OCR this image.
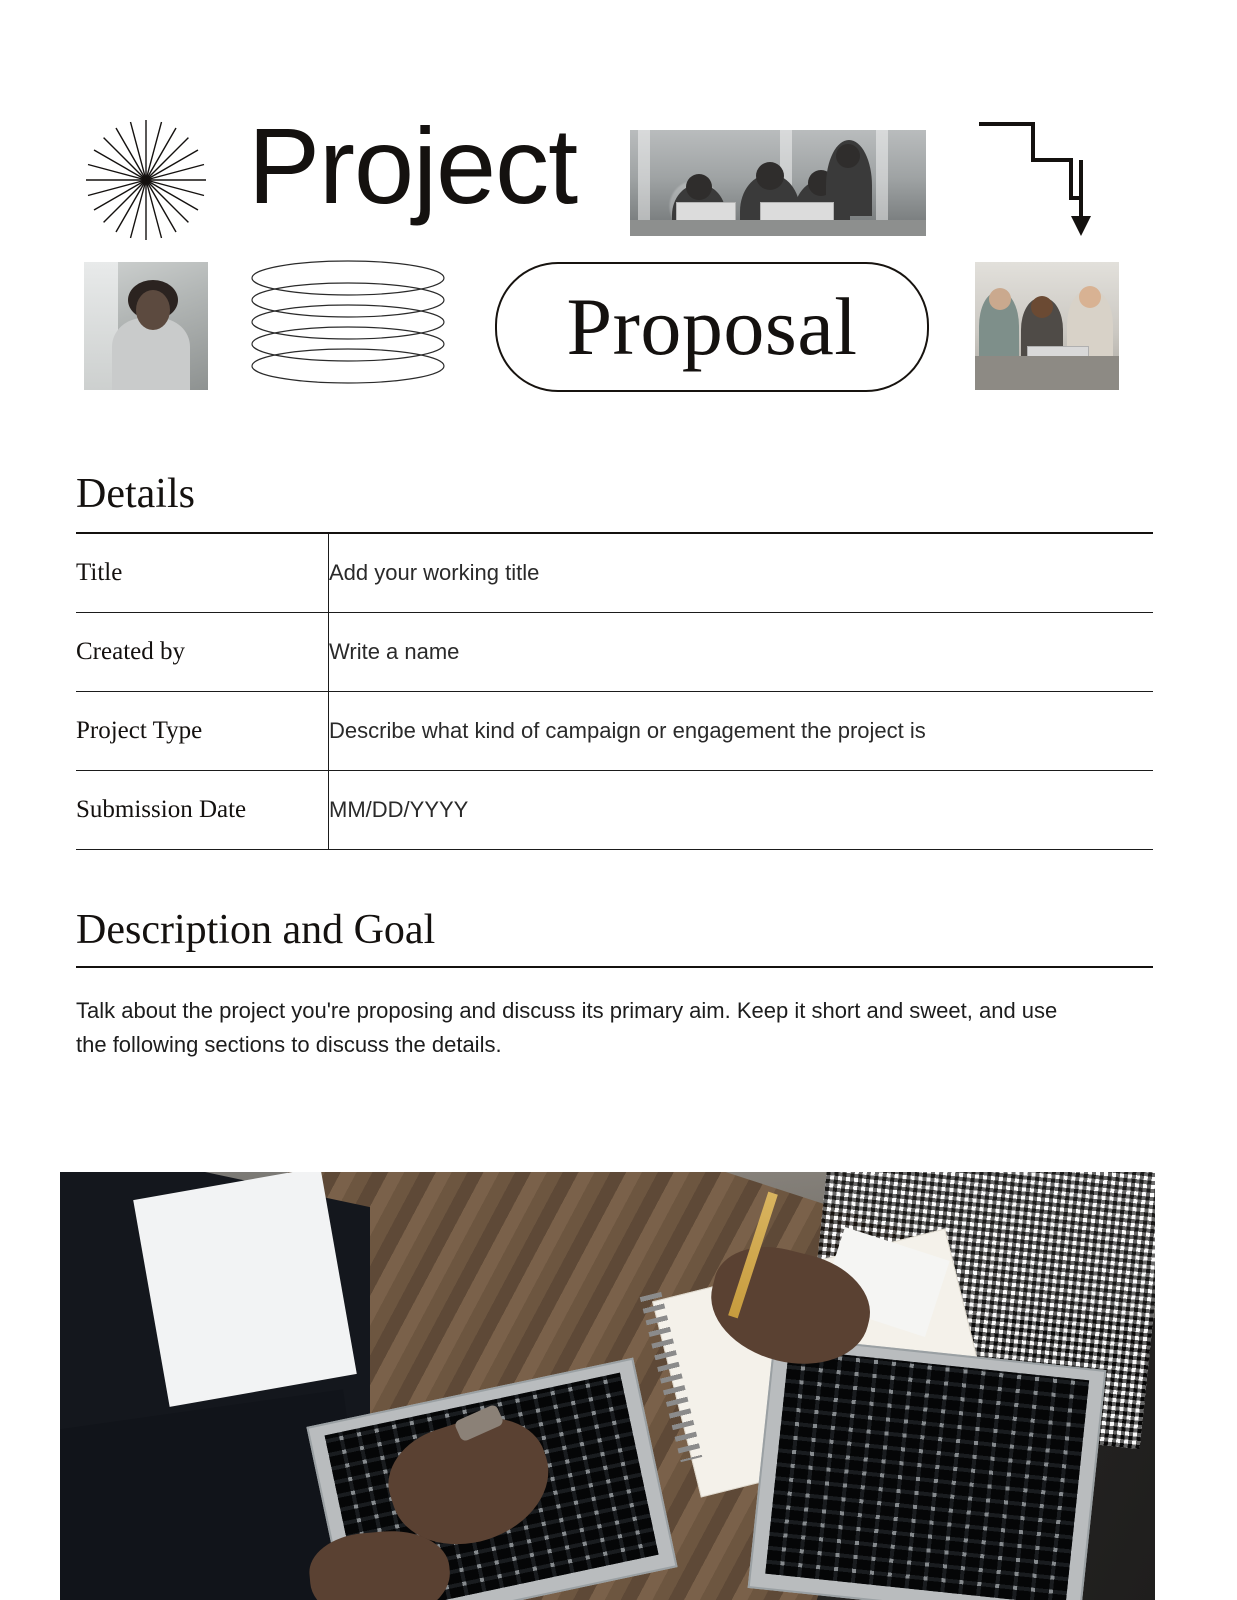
Project
Proposal
Details
Title	Add your working title
Created by	Write a name
Project Type	Describe what kind of campaign or engagement the project is
Submission Date	MM/DD/YYYY
Description and Goal

Talk about the project you're proposing and discuss its primary aim. Keep it short and sweet, and use the following sections to discuss the details.
